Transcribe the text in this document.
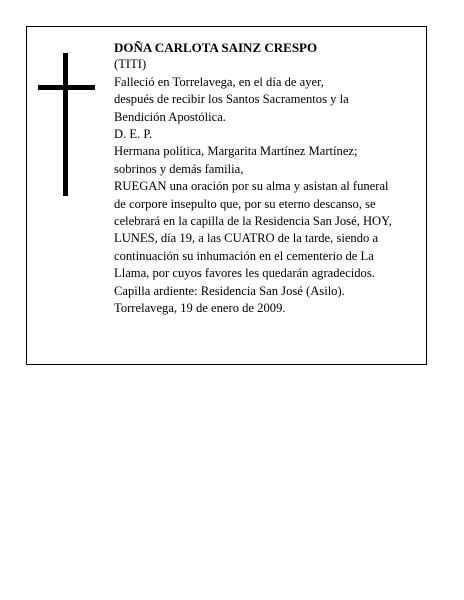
DOÑA CARLOTA SAINZ CRESPO
(TITI)
Falleció en Torrelavega, en el día de ayer,
después de recibir los Santos Sacramentos y la
Bendición Apostólica.
D. E. P.
Hermana política, Margarita Martínez Martínez;
sobrinos y demás familia,
RUEGAN una oración por su alma y asistan al funeral
de corpore insepulto que, por su eterno descanso, se
celebrará en la capilla de la Residencia San José, HOY,
LUNES, día 19, a las CUATRO de la tarde, siendo a
continuación su inhumación en el cementerio de La
Llama, por cuyos favores les quedarán agradecidos.
Capilla ardiente: Residencia San José (Asilo).
Torrelavega, 19 de enero de 2009.
